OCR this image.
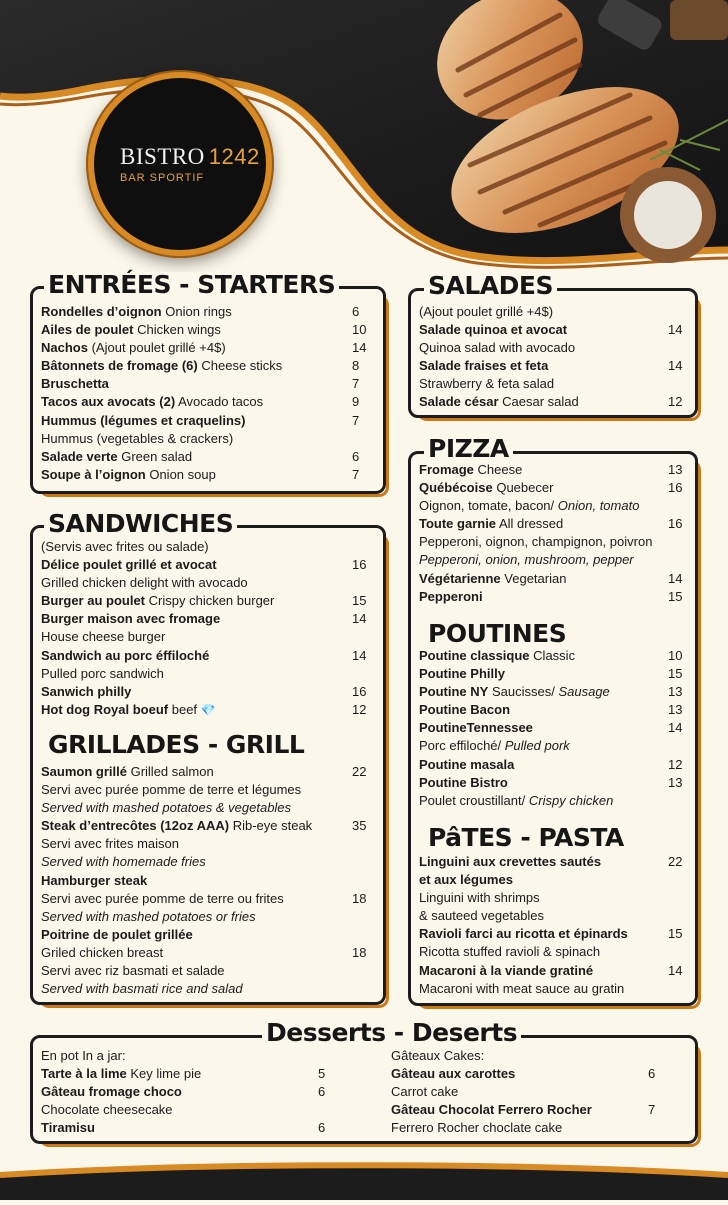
BISTRO 1242
BAR SPORTIF
ENTRÉES - STARTERS
Rondelles d’oignon Onion rings	6
Ailes de poulet Chicken wings	10
Nachos (Ajout poulet grillé +4$)	14
Bâtonnets de fromage (6) Cheese sticks	8
Bruschetta	7
Tacos aux avocats (2) Avocado tacos	9
Hummus (légumes et craquelins)	7
Hummus (vegetables & crackers)
Salade verte Green salad	6
Soupe à l’oignon Onion soup	7
SALADES
(Ajout poulet grillé +4$)
Salade quinoa et avocat	14
Quinoa salad with avocado
Salade fraises et feta	14
Strawberry & feta salad
Salade césar Caesar salad	12
SANDWICHES
(Servis avec frites ou salade)
Délice poulet grillé et avocat	16
Grilled chicken delight with avocado
Burger au poulet Crispy chicken burger	15
Burger maison avec fromage	14
House cheese burger
Sandwich au porc éffiloché	14
Pulled porc sandwich
Sanwich philly	16
Hot dog Royal boeuf beef 💎	12
GRILLADES - GRILL
Saumon grillé Grilled salmon	22
Servi avec purée pomme de terre et légumes
Served with mashed potatoes & vegetables
Steak d’entrecôtes (12oz AAA) Rib-eye steak	35
Servi avec frites maison
Served with homemade fries
Hamburger steak
Servi avec purée pomme de terre ou frites	18
Served with mashed potatoes or fries
Poitrine de poulet grillée
Griled chicken breast	18
Servi avec riz basmati et salade
Served with basmati rice and salad
PIZZA
Fromage Cheese	13
Québécoise Quebecer	16
Oignon, tomate, bacon/ Onion, tomato
Toute garnie All dressed	16
Pepperoni, oignon, champignon, poivron
Pepperoni, onion, mushroom, pepper
Végétarienne Vegetarian	14
Pepperoni	15
POUTINES
Poutine classique Classic	10
Poutine Philly	15
Poutine NY Saucisses/ Sausage	13
Poutine Bacon	13
PoutineTennessee	14
Porc effiloché/ Pulled pork
Poutine masala	12
Poutine Bistro	13
Poulet croustillant/ Crispy chicken
PâTES - PASTA
Linguini aux crevettes sautés	22
et aux légumes
Linguini with shrimps
& sauteed vegetables
Ravioli farci au ricotta et épinards	15
Ricotta stuffed ravioli & spinach
Macaroni à la viande gratiné	14
Macaroni with meat sauce au gratin
Desserts - Deserts
En pot In a jar:
Tarte à la lime Key lime pie	5
Gâteau fromage choco	6
Chocolate cheesecake
Tiramisu	6
Gâteaux Cakes:
Gâteau aux carottes	6
Carrot cake
Gâteau Chocolat Ferrero Rocher	7
Ferrero Rocher choclate cake
